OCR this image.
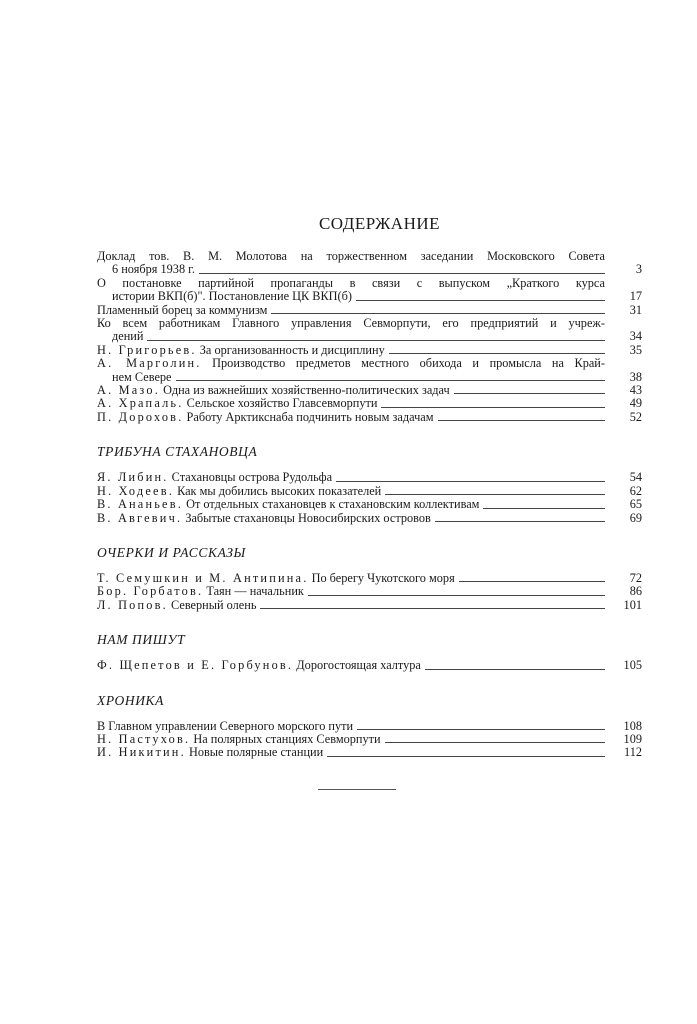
СОДЕРЖАНИЕ
Доклад тов. В. М. Молотова на торжественном заседании Московского Совета
6 ноября 1938 г.	3
О постановке партийной пропаганды в связи с выпуском „Краткого курса
истории ВКП(б)". Постановление ЦК ВКП(б)	17
Пламенный борец за коммунизм	31
Ко всем работникам Главного управления Севморпути, его предприятий и учреж-
дений	34
Н. Григорьев. За организованность и дисциплину	35
А. Марголин. Производство предметов местного обихода и промысла на Край-
нем Севере	38
А. Мазо. Одна из важнейших хозяйственно-политических задач	43
А. Храпаль. Сельское хозяйство Главсевморпути	49
П. Дорохов. Работу Арктикснаба подчинить новым задачам	52
ТРИБУНА СТАХАНОВЦА
Я. Либин. Стахановцы острова Рудольфа	54
Н. Ходеев. Как мы добились высоких показателей	62
В. Ананьев. От отдельных стахановцев к стахановским коллективам	65
В. Авгевич. Забытые стахановцы Новосибирских островов	69
ОЧЕРКИ И РАССКАЗЫ
Т. Семушкин и М. Антипина. По берегу Чукотского моря	72
Бор. Горбатов. Таян — начальник	86
Л. Попов. Северный олень	101
НАМ ПИШУТ
Ф. Щепетов и Е. Горбунов. Дорогостоящая халтура	105
ХРОНИКА
В Главном управлении Северного морского пути	108
Н. Пастухов. На полярных станциях Севморпути	109
И. Никитин. Новые полярные станции	112
